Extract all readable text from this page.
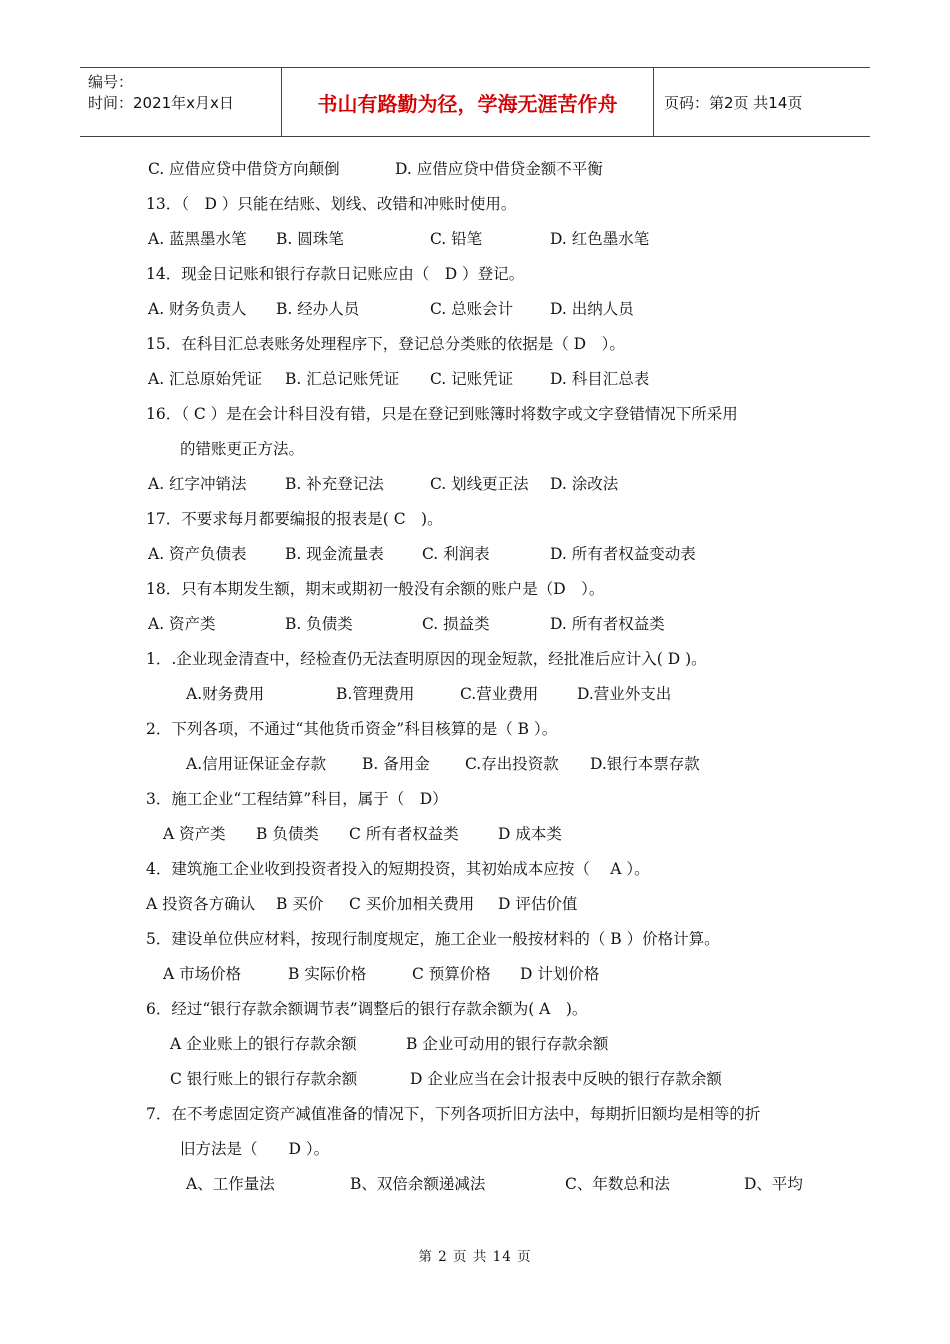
编号：
时间：2021年x月x日	书山有路勤为径，学海无涯苦作舟	页码：第2页 共14页
C. 应借应贷中借贷方向颠倒	D. 应借应贷中借贷金额不平衡
13．（　D ）只能在结账、划线、改错和冲账时使用。
A. 蓝黑墨水笔 B. 圆珠笔	C. 铅笔	D. 红色墨水笔
14．现金日记账和银行存款日记账应由（　D ）登记。
A. 财务负责人 B. 经办人员	C. 总账会计 D. 出纳人员
15．在科目汇总表账务处理程序下，登记总分类账的依据是（ D　）。
A. 汇总原始凭证 B. 汇总记账凭证 C. 记账凭证 D. 科目汇总表
16．（ C ）是在会计科目没有错，只是在登记到账簿时将数字或文字登错情况下所采用
的错账更正方法。
A. 红字冲销法 B. 补充登记法	C. 划线更正法 D. 涂改法
17．不要求每月都要编报的报表是( C　)。
A. 资产负债表 B. 现金流量表 C. 利润表	D. 所有者权益变动表
18．只有本期发生额，期末或期初一般没有余额的账户是（D　）。
A. 资产类	B. 负债类	C. 损益类	D. 所有者权益类
1．.企业现金清查中，经检查仍无法查明原因的现金短款，经批准后应计入( D )。
A.财务费用	B.管理费用	C.营业费用	D.营业外支出
2．下列各项，不通过“其他货币资金”科目核算的是（ B ）。
A.信用证保证金存款 B. 备用金 C.存出投资款 D.银行本票存款
3．施工企业“工程结算”科目，属于（　D）
A 资产类 B 负债类 C 所有者权益类	D 成本类
4．建筑施工企业收到投资者投入的短期投资，其初始成本应按（　 A ）。
A 投资各方确认 B 买价 C 买价加相关费用 D 评估价值
5．建设单位供应材料，按现行制度规定，施工企业一般按材料的（ B ）价格计算。
A 市场价格	B 实际价格	C 预算价格 D 计划价格
6．经过“银行存款余额调节表”调整后的银行存款余额为( A　)。
A 企业账上的银行存款余额	B 企业可动用的银行存款余额
C 银行账上的银行存款余额	D 企业应当在会计报表中反映的银行存款余额
7．在不考虑固定资产减值准备的情况下，下列各项折旧方法中，每期折旧额均是相等的折
旧方法是（　　D ）。
A、工作量法	B、双倍余额递减法	C、年数总和法	D、平均
第 2 页 共 14 页
